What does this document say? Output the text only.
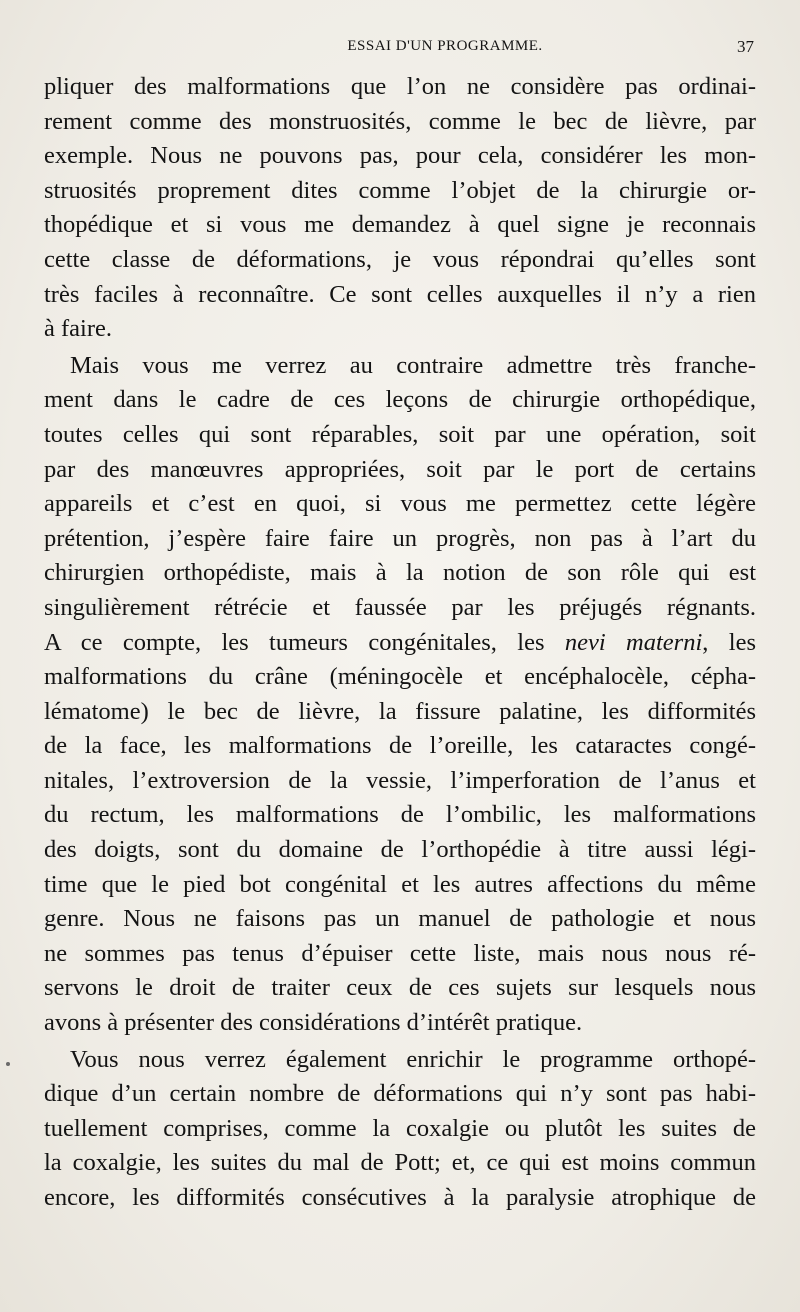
ESSAI D'UN PROGRAMME.	37
pliquer des malformations que l’on ne considère pas ordinai-
rement comme des monstruosités, comme le bec de lièvre, par
exemple. Nous ne pouvons pas, pour cela, considérer les mon-
struosités proprement dites comme l’objet de la chirurgie or-
thopédique et si vous me demandez à quel signe je reconnais
cette classe de déformations, je vous répondrai qu’elles sont
très faciles à reconnaître. Ce sont celles auxquelles il n’y a rien
à faire.
Mais vous me verrez au contraire admettre très franche-
ment dans le cadre de ces leçons de chirurgie orthopédique,
toutes celles qui sont réparables, soit par une opération, soit
par des manœuvres appropriées, soit par le port de certains
appareils et c’est en quoi, si vous me permettez cette légère
prétention, j’espère faire faire un progrès, non pas à l’art du
chirurgien orthopédiste, mais à la notion de son rôle qui est
singulièrement rétrécie et faussée par les préjugés régnants.
A ce compte, les tumeurs congénitales, les nevi materni, les
malformations du crâne (méningocèle et encéphalocèle, cépha-
lématome) le bec de lièvre, la fissure palatine, les difformités
de la face, les malformations de l’oreille, les cataractes congé-
nitales, l’extroversion de la vessie, l’imperforation de l’anus et
du rectum, les malformations de l’ombilic, les malformations
des doigts, sont du domaine de l’orthopédie à titre aussi légi-
time que le pied bot congénital et les autres affections du même
genre. Nous ne faisons pas un manuel de pathologie et nous
ne sommes pas tenus d’épuiser cette liste, mais nous nous ré-
servons le droit de traiter ceux de ces sujets sur lesquels nous
avons à présenter des considérations d’intérêt pratique.
Vous nous verrez également enrichir le programme orthopé-
dique d’un certain nombre de déformations qui n’y sont pas habi-
tuellement comprises, comme la coxalgie ou plutôt les suites de
la coxalgie, les suites du mal de Pott; et, ce qui est moins commun
encore, les difformités consécutives à la paralysie atrophique de
